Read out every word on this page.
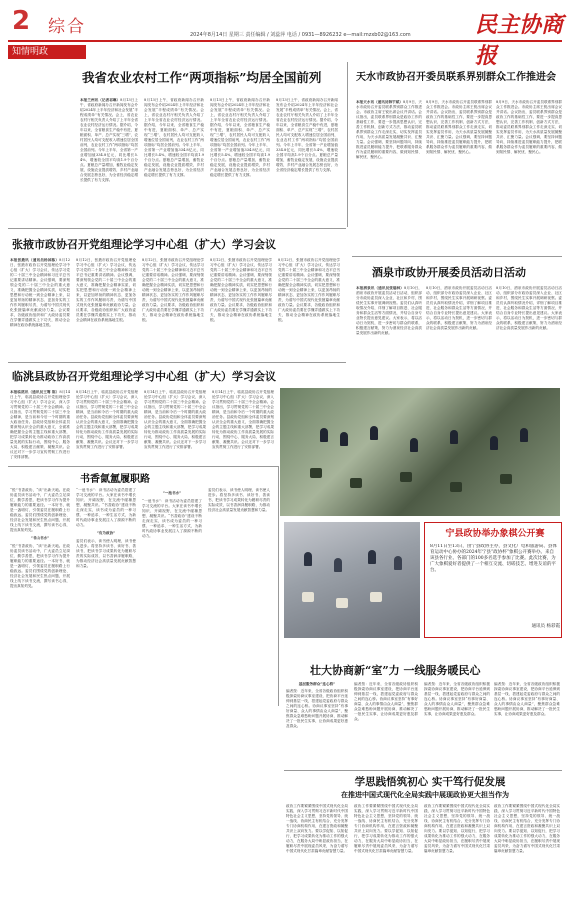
2 综合	2024年8月14日 星期三 责任编辑 / 刘蕊萍 电话 / 0931—8926232 e—mail:mzxb02@163.com	民主协商报
知情明政
我省农业农村工作“两项指标”均居全国前列
本报兰州讯（记者祁琳）8月13日上午，省政府新闻办召开新闻发布会介绍2024年上半年经济和社会发展“半程成绩单”有关情况。会上，省农业农村厅相关负责人介绍了上半年全省农业农村经济运行情况。据介绍，今年以来，全省粮食生产稳中有进，夏粮面积、单产、总产实现“三增”，农村居民人均可支配收入增速位居全国前列，农业农村工作“两项指标”均居全国前列。今年上半年，全省第一产业增加值334.8亿元，同比增长5.4%，增速较全国平均高1.9个百分点。夏粮总产量增加，畜牧业稳定发展，设施农业提质增效，乡村产业融合发展态势良好，为全省经济稳定增长提供了有力支撑。
8月13日上午，省政府新闻办召开新闻发布会介绍2024年上半年经济和社会发展“半程成绩单”有关情况。会上，省农业农村厅相关负责人介绍了上半年全省农业农村经济运行情况。据介绍，今年以来，全省粮食生产稳中有进，夏粮面积、单产、总产实现“三增”，农村居民人均可支配收入增速位居全国前列，农业农村工作“两项指标”均居全国前列。今年上半年，全省第一产业增加值334.8亿元，同比增长5.4%，增速较全国平均高1.9个百分点。夏粮总产量增加，畜牧业稳定发展，设施农业提质增效，乡村产业融合发展态势良好，为全省经济稳定增长提供了有力支撑。
8月13日上午，省政府新闻办召开新闻发布会介绍2024年上半年经济和社会发展“半程成绩单”有关情况。会上，省农业农村厅相关负责人介绍了上半年全省农业农村经济运行情况。据介绍，今年以来，全省粮食生产稳中有进，夏粮面积、单产、总产实现“三增”，农村居民人均可支配收入增速位居全国前列，农业农村工作“两项指标”均居全国前列。今年上半年，全省第一产业增加值334.8亿元，同比增长5.4%，增速较全国平均高1.9个百分点。夏粮总产量增加，畜牧业稳定发展，设施农业提质增效，乡村产业融合发展态势良好，为全省经济稳定增长提供了有力支撑。
8月13日上午，省政府新闻办召开新闻发布会介绍2024年上半年经济和社会发展“半程成绩单”有关情况。会上，省农业农村厅相关负责人介绍了上半年全省农业农村经济运行情况。据介绍，今年以来，全省粮食生产稳中有进，夏粮面积、单产、总产实现“三增”，农村居民人均可支配收入增速位居全国前列，农业农村工作“两项指标”均居全国前列。今年上半年，全省第一产业增加值334.8亿元，同比增长5.4%，增速较全国平均高1.9个百分点。夏粮总产量增加，畜牧业稳定发展，设施农业提质增效，乡村产业融合发展态势良好，为全省经济稳定增长提供了有力支撑。
天水市政协召开委员联系界别群众工作推进会
本报天水讯（通讯员韩宇斌）8月9日，天水市政协召开委员联系界别群众工作推进会。市政协主席王锐出席会议并讲话。会议指出，委员联系界别群众是政协工作的基础性工作，要进一步提高思想认识，完善工作机制，创新方式方法，推动委员联系界别群众工作走深走实，切实发挥委员作用，为天水高质量发展凝聚共识、汇聚力量。会议强调，要坚持问题导向，持续推进委员履职能力提升，把联系服务群众作为委员履职的重要内容，做到知民情、解民忧、聚民心。
8月9日，天水市政协召开委员联系界别群众工作推进会。市政协主席王锐出席会议并讲话。会议指出，委员联系界别群众是政协工作的基础性工作，要进一步提高思想认识，完善工作机制，创新方式方法，推动委员联系界别群众工作走深走实，切实发挥委员作用，为天水高质量发展凝聚共识、汇聚力量。会议强调，要坚持问题导向，持续推进委员履职能力提升，把联系服务群众作为委员履职的重要内容，做到知民情、解民忧、聚民心。
8月9日，天水市政协召开委员联系界别群众工作推进会。市政协主席王锐出席会议并讲话。会议指出，委员联系界别群众是政协工作的基础性工作，要进一步提高思想认识，完善工作机制，创新方式方法，推动委员联系界别群众工作走深走实，切实发挥委员作用，为天水高质量发展凝聚共识、汇聚力量。会议强调，要坚持问题导向，持续推进委员履职能力提升，把联系服务群众作为委员履职的重要内容，做到知民情、解民忧、聚民心。
张掖市政协召开党组理论学习中心组（扩大）学习会议
本报张掖讯（通讯员杨国栋）8月12日，张掖市政协召开党组理论学习中心组（扩大）学习会议，传达学习党的二十届三中全会精神和习近平总书记重要讲话精神。会议强调，要深刻领会党的二十届三中全会的重大意义，准确把握全会精神实质，切实把思想和行动统一到全会精神上来，以更加昂扬的精神状态、更加务实的工作作风履职尽责，为谱写中国式现代化张掖篇章贡献政协力量。会议要求，各级政协组织和广大政协委员要在学懂弄通做实上下功夫，推动全会精神在政协系统落地生根。
8月12日，张掖市政协召开党组理论学习中心组（扩大）学习会议，传达学习党的二十届三中全会精神和习近平总书记重要讲话精神。会议强调，要深刻领会党的二十届三中全会的重大意义，准确把握全会精神实质，切实把思想和行动统一到全会精神上来，以更加昂扬的精神状态、更加务实的工作作风履职尽责，为谱写中国式现代化张掖篇章贡献政协力量。会议要求，各级政协组织和广大政协委员要在学懂弄通做实上下功夫，推动全会精神在政协系统落地生根。
8月12日，张掖市政协召开党组理论学习中心组（扩大）学习会议，传达学习党的二十届三中全会精神和习近平总书记重要讲话精神。会议强调，要深刻领会党的二十届三中全会的重大意义，准确把握全会精神实质，切实把思想和行动统一到全会精神上来，以更加昂扬的精神状态、更加务实的工作作风履职尽责，为谱写中国式现代化张掖篇章贡献政协力量。会议要求，各级政协组织和广大政协委员要在学懂弄通做实上下功夫，推动全会精神在政协系统落地生根。
8月12日，张掖市政协召开党组理论学习中心组（扩大）学习会议，传达学习党的二十届三中全会精神和习近平总书记重要讲话精神。会议强调，要深刻领会党的二十届三中全会的重大意义，准确把握全会精神实质，切实把思想和行动统一到全会精神上来，以更加昂扬的精神状态、更加务实的工作作风履职尽责，为谱写中国式现代化张掖篇章贡献政协力量。会议要求，各级政协组织和广大政协委员要在学懂弄通做实上下功夫，推动全会精神在政协系统落地生根。
8月12日，张掖市政协召开党组理论学习中心组（扩大）学习会议，传达学习党的二十届三中全会精神和习近平总书记重要讲话精神。会议强调，要深刻领会党的二十届三中全会的重大意义，准确把握全会精神实质，切实把思想和行动统一到全会精神上来，以更加昂扬的精神状态、更加务实的工作作风履职尽责，为谱写中国式现代化张掖篇章贡献政协力量。会议要求，各级政协组织和广大政协委员要在学懂弄通做实上下功夫，推动全会精神在政协系统落地生根。
酒泉市政协开展委员活动日活动
本报酒泉讯（通讯员张瑞林）8月10日，酒泉市政协开展委员活动日活动，组织部分市政协委员深入企业、社区和乡村，围绕民生实事开展调研视察。委员们认真听取情况介绍，详细了解项目推进、社会服务和群众生活等方面情况，并结合自身专业特长提出意见建议。大家表示，将以活动日为契机，进一步密切与群众的联系，积极建言献策，努力为酒泉经济社会高质量发展作出新的贡献。
8月10日，酒泉市政协开展委员活动日活动，组织部分市政协委员深入企业、社区和乡村，围绕民生实事开展调研视察。委员们认真听取情况介绍，详细了解项目推进、社会服务和群众生活等方面情况，并结合自身专业特长提出意见建议。大家表示，将以活动日为契机，进一步密切与群众的联系，积极建言献策，努力为酒泉经济社会高质量发展作出新的贡献。
8月10日，酒泉市政协开展委员活动日活动，组织部分市政协委员深入企业、社区和乡村，围绕民生实事开展调研视察。委员们认真听取情况介绍，详细了解项目推进、社会服务和群众生活等方面情况，并结合自身专业特长提出意见建议。大家表示，将以活动日为契机，进一步密切与群众的联系，积极建言献策，努力为酒泉经济社会高质量发展作出新的贡献。
临洮县政协召开党组理论学习中心组（扩大）学习会议
本报临洮讯（通讯员王骞 陈）8月14日上午，临洮县政协召开党组理论学习中心组（扩大）学习会议，深入学习贯彻党的二十届三中全会精神。会议指出，学习贯彻党的二十届三中全会精神，是当前和今后一个时期的重大政治任务。县政协党组和全体委员要深刻认识全会的重大意义，全面准确把握全会的主题主线和重大部署，把学习成果转化为推动政协工作高质量发展的实际行动，围绕中心、服务大局，积极建言献策、凝聚共识。会议还对下一步学习宣传贯彻工作进行了安排部署。
8月14日上午，临洮县政协召开党组理论学习中心组（扩大）学习会议，深入学习贯彻党的二十届三中全会精神。会议指出，学习贯彻党的二十届三中全会精神，是当前和今后一个时期的重大政治任务。县政协党组和全体委员要深刻认识全会的重大意义，全面准确把握全会的主题主线和重大部署，把学习成果转化为推动政协工作高质量发展的实际行动，围绕中心、服务大局，积极建言献策、凝聚共识。会议还对下一步学习宣传贯彻工作进行了安排部署。
8月14日上午，临洮县政协召开党组理论学习中心组（扩大）学习会议，深入学习贯彻党的二十届三中全会精神。会议指出，学习贯彻党的二十届三中全会精神，是当前和今后一个时期的重大政治任务。县政协党组和全体委员要深刻认识全会的重大意义，全面准确把握全会的主题主线和重大部署，把学习成果转化为推动政协工作高质量发展的实际行动，围绕中心、服务大局，积极建言献策、凝聚共识。会议还对下一步学习宣传贯彻工作进行了安排部署。
8月14日上午，临洮县政协召开党组理论学习中心组（扩大）学习会议，深入学习贯彻党的二十届三中全会精神。会议指出，学习贯彻党的二十届三中全会精神，是当前和今后一个时期的重大政治任务。县政协党组和全体委员要深刻认识全会的重大意义，全面准确把握全会的主题主线和重大部署，把学习成果转化为推动政协工作高质量发展的实际行动，围绕中心、服务大局，积极建言献策、凝聚共识。会议还对下一步学习宣传贯彻工作进行了安排部署。
书香氤氲履职路
“悦”书香政协，“读”出新天地。在政协委员读书活动中，广大委员立足岗位、勤学善思，把读书学习作为提升履职能力的重要途径。一本好书，就是一盏明灯，引领委员在履职路上行稳致远。委员们围绕党的创新理论、经济社会发展和民生热点问题，开展线上线下读书交流，撰写读书心得，提出真知灼见。
“书山书水”
“悦”书香政协，“读”出新天地。在政协委员读书活动中，广大委员立足岗位、勤学善思，把读书学习作为提升履职能力的重要途径。一本好书，就是一盏明灯，引领委员在履职路上行稳致远。委员们围绕党的创新理论、经济社会发展和民生热点问题，开展线上线下读书交流，撰写读书心得，提出真知灼见。
“一池书水”：读书活动为委员搭建了学习交流的平台。大家在读书中增长知识、开阔视野，在交流中碰撞思想、凝聚共识。“书香政协”建设不断走深走实，读书成为委员的一种习惯、一种追求、一种生活方式，为新时代政协事业发展注入了源源不断的动力。
“有为政协”
委员们表示，读书使人明理，读书使人进步。将坚持多读书、读好书、善读书，把读书学习成果转化为履职尽责的实际成效，以书香润泽履职路，为推动经济社会高质量发展贡献智慧和力量。
“一池书水”
“一池书水”：读书活动为委员搭建了学习交流的平台。大家在读书中增长知识、开阔视野，在交流中碰撞思想、凝聚共识。“书香政协”建设不断走深走实，读书成为委员的一种习惯、一种追求、一种生活方式，为新时代政协事业发展注入了源源不断的动力。
委员们表示，读书使人明理，读书使人进步。将坚持多读书、读好书、善读书，把读书学习成果转化为履职尽责的实际成效，以书香润泽履职路，为推动经济社会高质量发展贡献智慧和力量。
宁县政协举办象棋公开赛
8月11日至13日，由宁县政协主办，县文化广电和旅游局、县体育运动中心协办的2024年宁县“政协杯”象棋公开赛举办。来自该县各行业、各部门的100多名选手参加了比赛。此次比赛，为广大象棋爱好者提供了一个相互交流、切磋技艺、增进友谊的平台。
通讯员 杨彩霞
壮大协商新“室”力 一线服务暖民心
基层服务群众“连心桥”
编者按：近年来，全省各级政协组织积极探索协商议事室建设，把协商平台延伸到基层一线，搭建起党委政府与群众之间的连心桥。协商议事室坚持“有事好商量、众人的事情由众人商量”，聚焦群众急难愁盼问题开展协商，推动解决了一批民生实事，让协商成果更好惠及群众。
编者按：近年来，全省各级政协组织积极探索协商议事室建设，把协商平台延伸到基层一线，搭建起党委政府与群众之间的连心桥。协商议事室坚持“有事好商量、众人的事情由众人商量”，聚焦群众急难愁盼问题开展协商，推动解决了一批民生实事，让协商成果更好惠及群众。
编者按：近年来，全省各级政协组织积极探索协商议事室建设，把协商平台延伸到基层一线，搭建起党委政府与群众之间的连心桥。协商议事室坚持“有事好商量、众人的事情由众人商量”，聚焦群众急难愁盼问题开展协商，推动解决了一批民生实事，让协商成果更好惠及群众。
编者按：近年来，全省各级政协组织积极探索协商议事室建设，把协商平台延伸到基层一线，搭建起党委政府与群众之间的连心桥。协商议事室坚持“有事好商量、众人的事情由众人商量”，聚焦群众急难愁盼问题开展协商，推动解决了一批民生实事，让协商成果更好惠及群众。
学思践悟筑初心 实干笃行促发展
在推进中国式现代化全局实践中展现政协更大担当作为
政协工作要紧紧围绕中国式现代化全局实践，深入学习贯彻习近平新时代中国特色社会主义思想，坚持党的领导、统一战线、协商民主有机结合，充分发挥专门协商机构作用，在建言资政和凝聚共识上双向发力。要以学促知、以知促行，把学习成果转化为推动工作的强大动力，在服务大局中彰显政协担当，在履职尽责中展现委员风采，为奋力谱写中国式现代化甘肃篇章贡献智慧力量。
政协工作要紧紧围绕中国式现代化全局实践，深入学习贯彻习近平新时代中国特色社会主义思想，坚持党的领导、统一战线、协商民主有机结合，充分发挥专门协商机构作用，在建言资政和凝聚共识上双向发力。要以学促知、以知促行，把学习成果转化为推动工作的强大动力，在服务大局中彰显政协担当，在履职尽责中展现委员风采，为奋力谱写中国式现代化甘肃篇章贡献智慧力量。
政协工作要紧紧围绕中国式现代化全局实践，深入学习贯彻习近平新时代中国特色社会主义思想，坚持党的领导、统一战线、协商民主有机结合，充分发挥专门协商机构作用，在建言资政和凝聚共识上双向发力。要以学促知、以知促行，把学习成果转化为推动工作的强大动力，在服务大局中彰显政协担当，在履职尽责中展现委员风采，为奋力谱写中国式现代化甘肃篇章贡献智慧力量。
政协工作要紧紧围绕中国式现代化全局实践，深入学习贯彻习近平新时代中国特色社会主义思想，坚持党的领导、统一战线、协商民主有机结合，充分发挥专门协商机构作用，在建言资政和凝聚共识上双向发力。要以学促知、以知促行，把学习成果转化为推动工作的强大动力，在服务大局中彰显政协担当，在履职尽责中展现委员风采，为奋力谱写中国式现代化甘肃篇章贡献智慧力量。
